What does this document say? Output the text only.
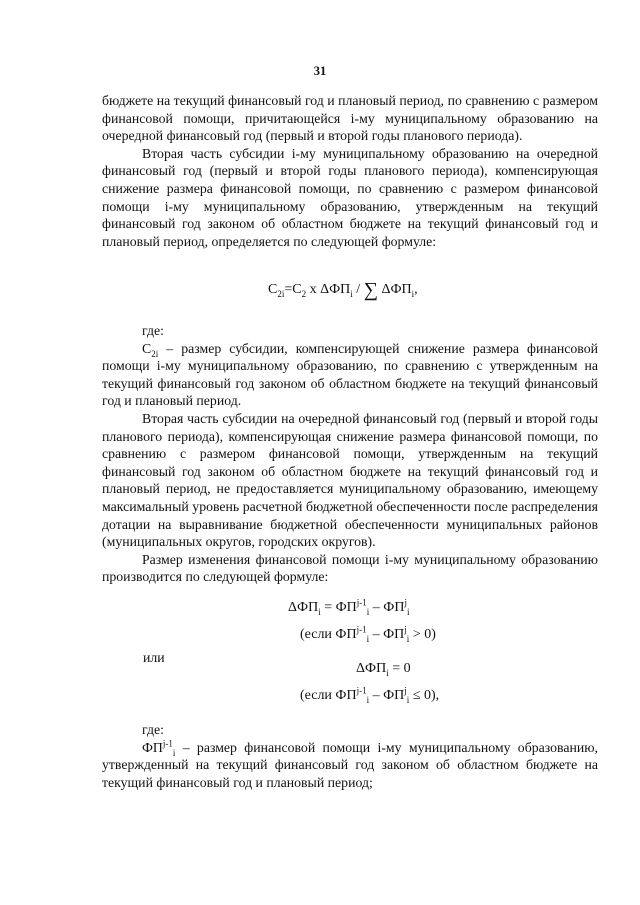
31

бюджете на текущий финансовый год и плановый период, по сравнению с размером финансовой помощи, причитающейся i-му муниципальному образованию на очередной финансовый год (первый и второй годы планового периода).

Вторая часть субсидии i-му муниципальному образованию на очередной финансовый год (первый и второй годы планового периода), компенсирующая снижение размера финансовой помощи, по сравнению с размером финансовой помощи i-му муниципальному образованию, утвержденным на текущий финансовый год законом об областном бюджете на текущий финансовый год и плановый период, определяется по следующей формуле:

$C_{2i}=C_2$ x $\Delta ФП_i$ / ∑ $\Delta ФП_i$,

где:

$C_{2i}$ – размер субсидии, компенсирующей снижение размера финансовой помощи i-му муниципальному образованию, по сравнению с утвержденным на текущий финансовый год законом об областном бюджете на текущий финансовый год и плановый период.

Вторая часть субсидии на очередной финансовый год (первый и второй годы планового периода), компенсирующая снижение размера финансовой помощи, по сравнению с размером финансовой помощи, утвержденным на текущий финансовый год законом об областном бюджете на текущий финансовый год и плановый период, не предоставляется муниципальному образованию, имеющему максимальный уровень расчетной бюджетной обеспеченности после распределения дотации на выравнивание бюджетной обеспеченности муниципальных районов (муниципальных округов, городских округов).

Размер изменения финансовой помощи i-му муниципальному образованию производится по следующей формуле:

$\Delta ФП_i = ФП^{j-1}_i - ФП^j_i$
(если $ФП^{j-1}_i - ФП^j_i > 0$)
или
$\Delta ФП_i = 0$
(если $ФП^{j-1}_i - ФП^j_i \le 0$),

где:

$ФП^{j-1}_i$ – размер финансовой помощи i-му муниципальному образованию, утвержденный на текущий финансовый год законом об областном бюджете на текущий финансовый год и плановый период;
